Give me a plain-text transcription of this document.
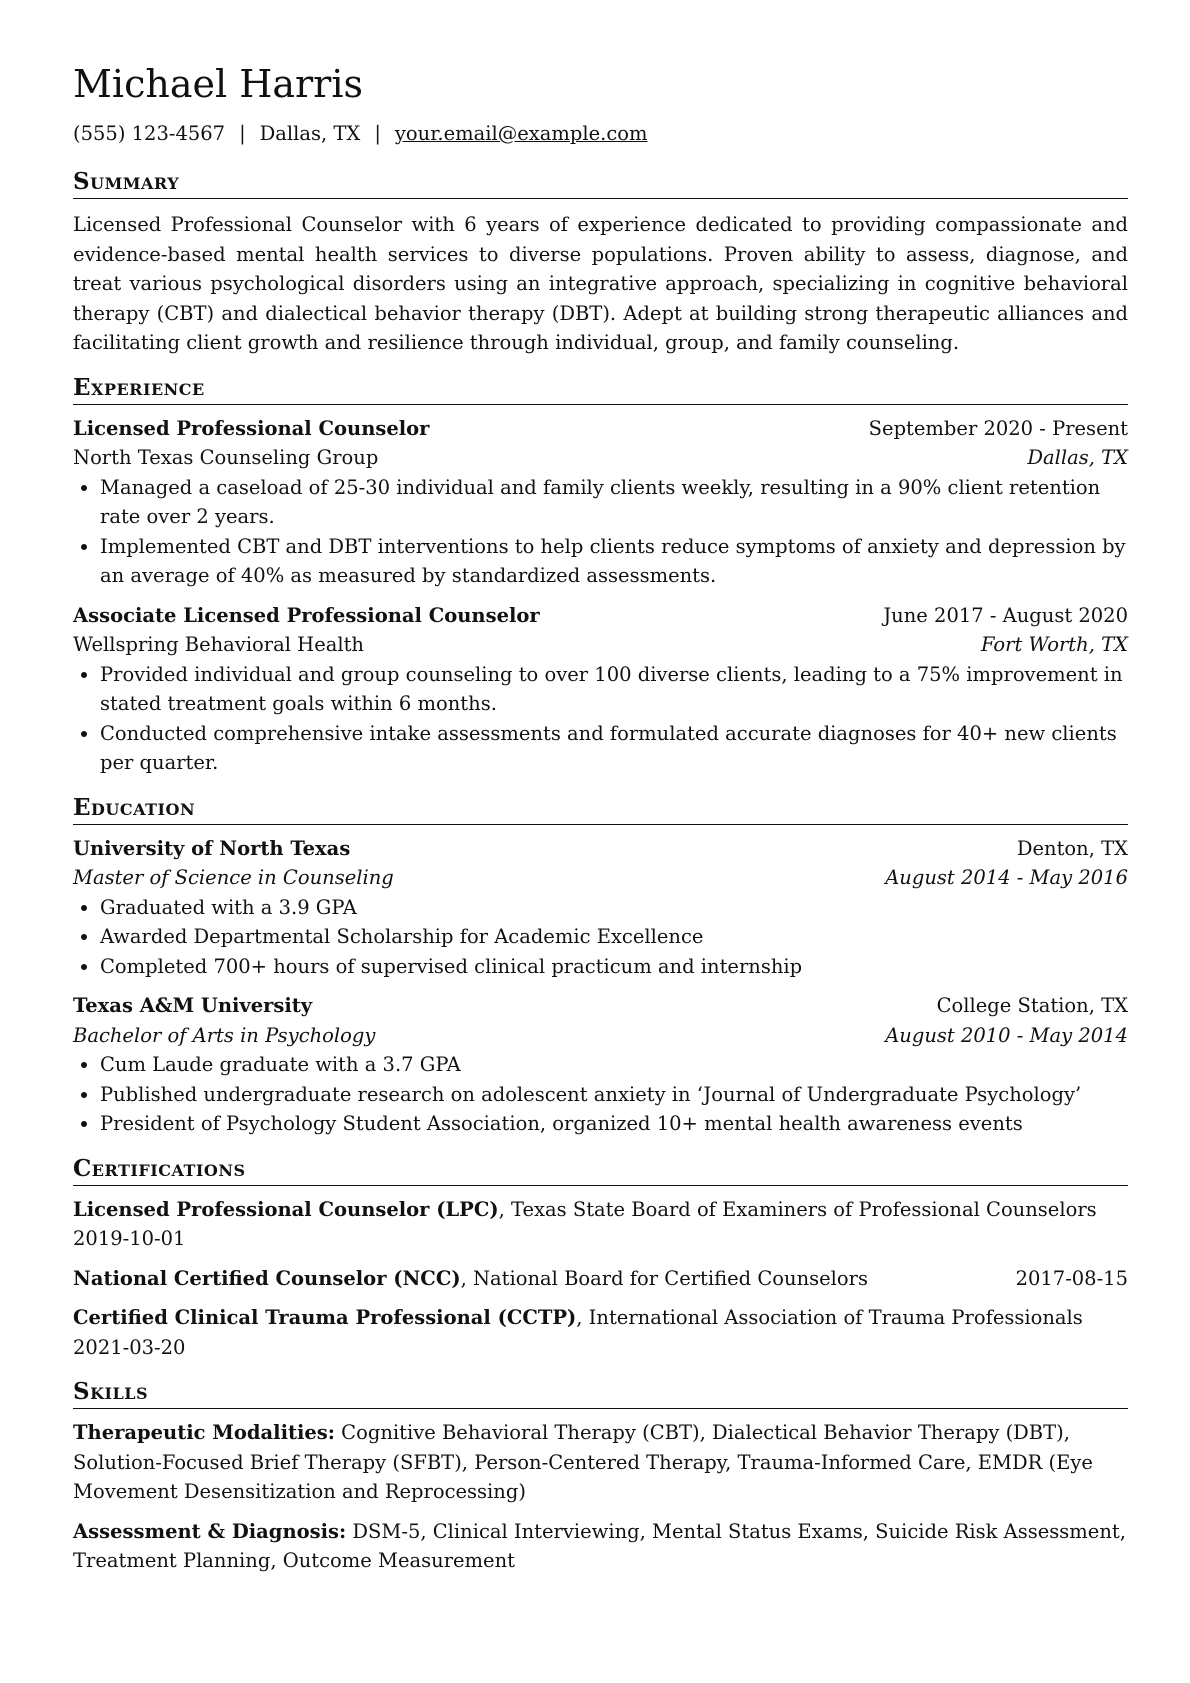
Michael Harris
(555) 123-4567 | Dallas, TX | your.email@example.com
Summary
Licensed Professional Counselor with 6 years of experience dedicated to providing compassionate and evidence-based mental health services to diverse populations. Proven ability to assess, diagnose, and treat various psychological disorders using an integrative approach, specializing in cognitive behavioral therapy (CBT) and dialectical behavior therapy (DBT). Adept at building strong therapeutic alliances and facilitating client growth and resilience through individual, group, and family counseling.
Experience
Licensed Professional Counselor	September 2020 - Present
North Texas Counseling Group	Dallas, TX
• Managed a caseload of 25-30 individual and family clients weekly, resulting in a 90% client retention rate over 2 years.
• Implemented CBT and DBT interventions to help clients reduce symptoms of anxiety and depression by an average of 40% as measured by standardized assessments.
Associate Licensed Professional Counselor	June 2017 - August 2020
Wellspring Behavioral Health	Fort Worth, TX
• Provided individual and group counseling to over 100 diverse clients, leading to a 75% improvement in stated treatment goals within 6 months.
• Conducted comprehensive intake assessments and formulated accurate diagnoses for 40+ new clients per quarter.
Education
University of North Texas	Denton, TX
Master of Science in Counseling	August 2014 - May 2016
• Graduated with a 3.9 GPA
• Awarded Departmental Scholarship for Academic Excellence
• Completed 700+ hours of supervised clinical practicum and internship
Texas A&M University	College Station, TX
Bachelor of Arts in Psychology	August 2010 - May 2014
• Cum Laude graduate with a 3.7 GPA
• Published undergraduate research on adolescent anxiety in ‘Journal of Undergraduate Psychology’
• President of Psychology Student Association, organized 10+ mental health awareness events
Certifications
Licensed Professional Counselor (LPC), Texas State Board of Examiners of Professional Counselors
2019-10-01
National Certified Counselor (NCC), National Board for Certified Counselors	2017-08-15
Certified Clinical Trauma Professional (CCTP), International Association of Trauma Professionals
2021-03-20
Skills
Therapeutic Modalities: Cognitive Behavioral Therapy (CBT), Dialectical Behavior Therapy (DBT), Solution-Focused Brief Therapy (SFBT), Person-Centered Therapy, Trauma-Informed Care, EMDR (Eye Movement Desensitization and Reprocessing)
Assessment & Diagnosis: DSM-5, Clinical Interviewing, Mental Status Exams, Suicide Risk Assessment, Treatment Planning, Outcome Measurement
